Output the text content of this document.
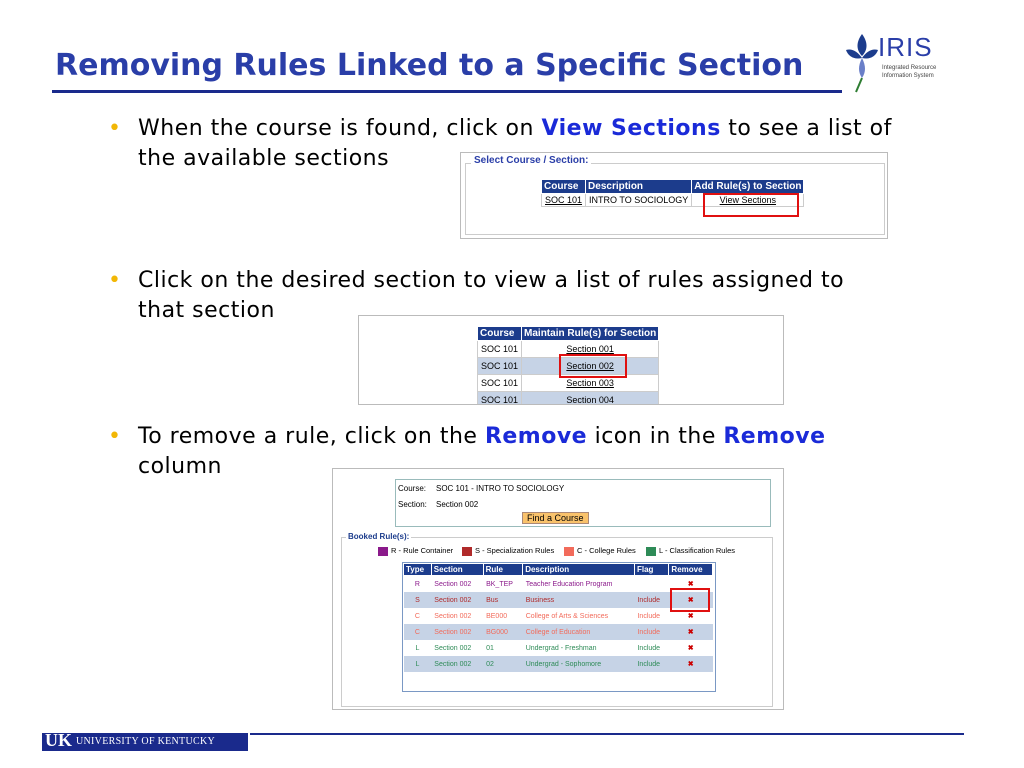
Removing Rules Linked to a Specific Section
IRIS
Integrated Resource
Information System
• When the course is found, click on View Sections to see a list of
the available sections	Select Course / Section:
Course	Description	Add Rule(s) to Section
SOC 101	INTRO TO SOCIOLOGY	View Sections
• Click on the desired section to view a list of rules assigned to
that section
Course	Maintain Rule(s) for Section
SOC 101	Section 001
SOC 101	Section 002
SOC 101	Section 003
SOC 101	Section 004
• To remove a rule, click on the Remove icon in the Remove
column
Course: SOC 101 - INTRO TO SOCIOLOGY
Section: Section 002
Find a Course
Booked Rule(s):
R - Rule Container	S - Specialization Rules	C - College Rules	L - Classification Rules
Type	Section	Rule	Description	Flag	Remove
R	Section 002	BK_TEP	Teacher Education Program		✖
S	Section 002	Bus	Business	Include	✖
C	Section 002	BE000	College of Arts & Sciences	Include	✖
C	Section 002	BG000	College of Education	Include	✖
L	Section 002	01	Undergrad - Freshman	Include	✖
L	Section 002	02	Undergrad - Sophomore	Include	✖
UK UNIVERSITY OF KENTUCKY
